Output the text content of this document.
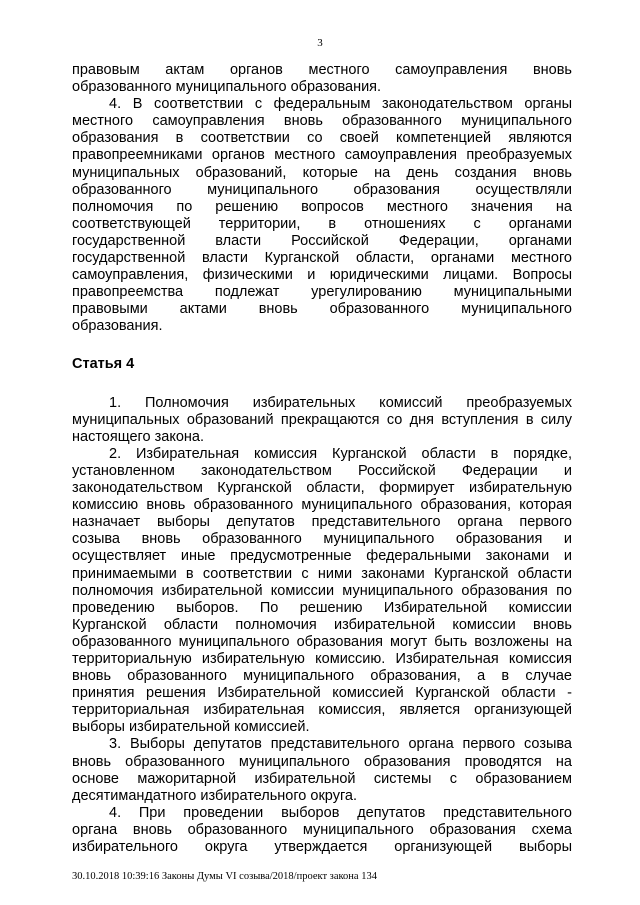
3

правовым актам органов местного самоуправления вновь
образованного муниципального образования.

4. В соответствии с федеральным законодательством органы
местного самоуправления вновь образованного муниципального
образования в соответствии со своей компетенцией являются
правопреемниками органов местного самоуправления преобразуемых
муниципальных образований, которые на день создания вновь
образованного муниципального образования осуществляли
полномочия по решению вопросов местного значения на
соответствующей территории, в отношениях с органами
государственной власти Российской Федерации, органами
государственной власти Курганской области, органами местного
самоуправления, физическими и юридическими лицами. Вопросы
правопреемства подлежат урегулированию муниципальными
правовыми актами вновь образованного муниципального
образования.

Статья 4

1. Полномочия избирательных комиссий преобразуемых
муниципальных образований прекращаются со дня вступления в силу
настоящего закона.

2. Избирательная комиссия Курганской области в порядке,
установленном законодательством Российской Федерации и
законодательством Курганской области, формирует избирательную
комиссию вновь образованного муниципального образования, которая
назначает выборы депутатов представительного органа первого
созыва вновь образованного муниципального образования и
осуществляет иные предусмотренные федеральными законами и
принимаемыми в соответствии с ними законами Курганской области
полномочия избирательной комиссии муниципального образования по
проведению выборов. По решению Избирательной комиссии
Курганской области полномочия избирательной комиссии вновь
образованного муниципального образования могут быть возложены на
территориальную избирательную комиссию. Избирательная комиссия
вновь образованного муниципального образования, а в случае
принятия решения Избирательной комиссией Курганской области -
территориальная избирательная комиссия, является организующей
выборы избирательной комиссией.

3. Выборы депутатов представительного органа первого созыва
вновь образованного муниципального образования проводятся на
основе мажоритарной избирательной системы с образованием
десятимандатного избирательного округа.

4. При проведении выборов депутатов представительного
органа вновь образованного муниципального образования схема
избирательного округа утверждается организующей выборы

30.10.2018 10:39:16 Законы Думы VI созыва/2018/проект закона 134
